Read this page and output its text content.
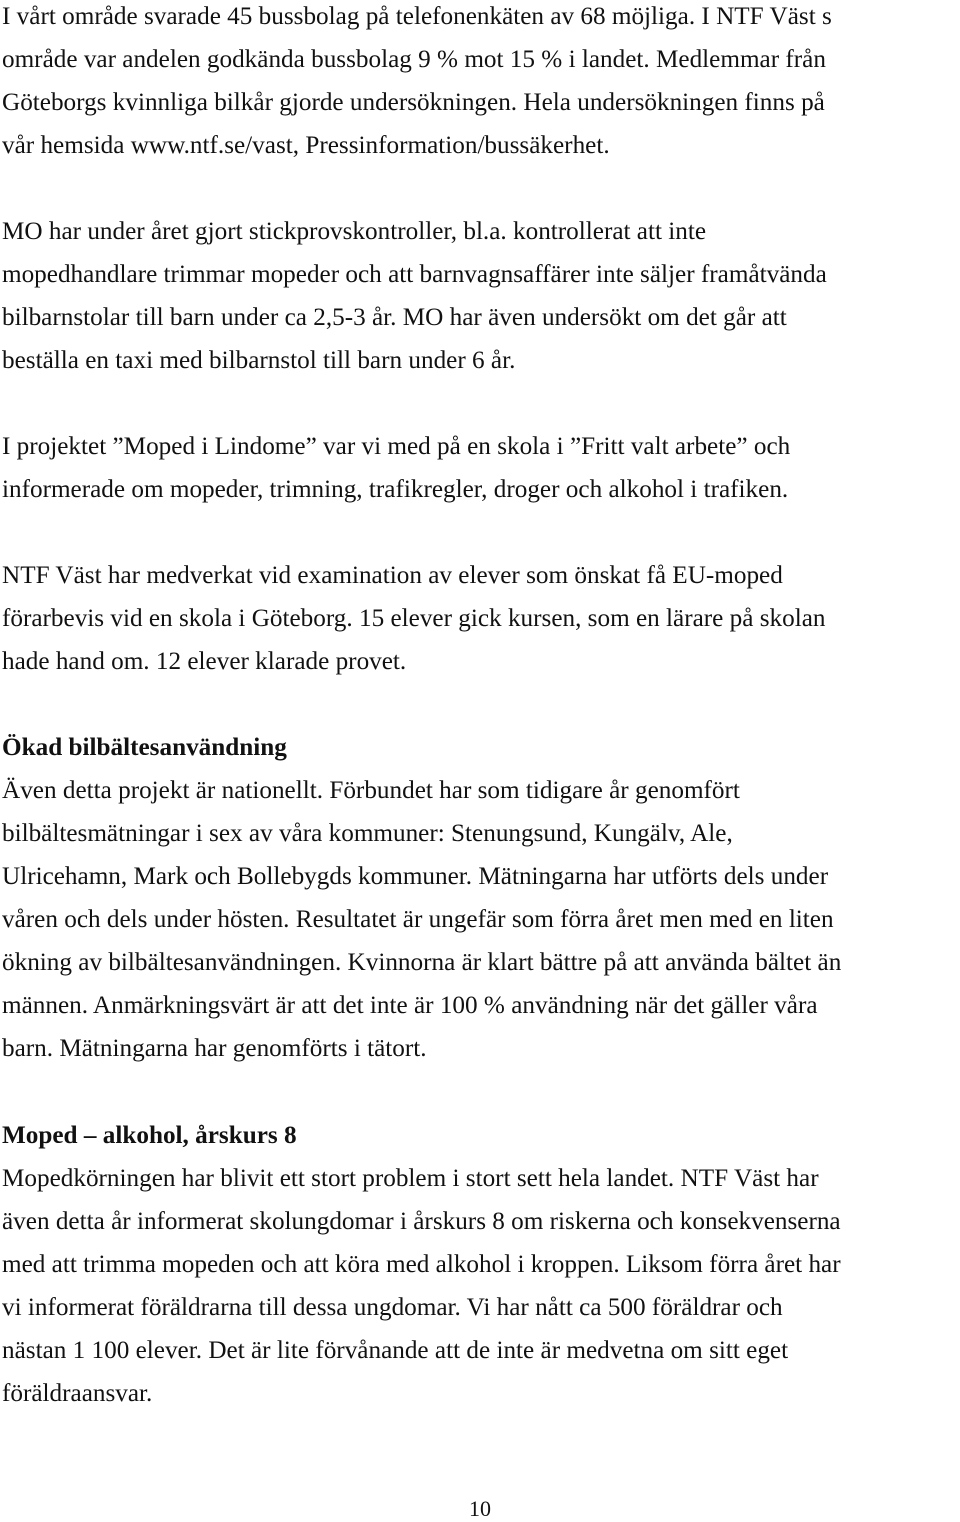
I vårt område svarade 45 bussbolag på telefonenkäten av 68 möjliga. I NTF Väst s
område var andelen godkända bussbolag 9 % mot 15 % i landet. Medlemmar från
Göteborgs kvinnliga bilkår gjorde undersökningen. Hela undersökningen finns på
vår hemsida www.ntf.se/vast, Pressinformation/bussäkerhet.
MO har under året gjort stickprovskontroller, bl.a. kontrollerat att inte
mopedhandlare trimmar mopeder och att barnvagnsaffärer inte säljer framåtvända
bilbarnstolar till barn under ca 2,5-3 år. MO har även undersökt om det går att
beställa en taxi med bilbarnstol till barn under 6 år.
I projektet ”Moped i Lindome” var vi med på en skola i ”Fritt valt arbete” och
informerade om mopeder, trimning, trafikregler, droger och alkohol i trafiken.
NTF Väst har medverkat vid examination av elever som önskat få EU-moped
förarbevis vid en skola i Göteborg. 15 elever gick kursen, som en lärare på skolan
hade hand om. 12 elever klarade provet.
Ökad bilbältesanvändning
Även detta projekt är nationellt. Förbundet har som tidigare år genomfört
bilbältesmätningar i sex av våra kommuner: Stenungsund, Kungälv, Ale,
Ulricehamn, Mark och Bollebygds kommuner. Mätningarna har utförts dels under
våren och dels under hösten. Resultatet är ungefär som förra året men med en liten
ökning av bilbältesanvändningen. Kvinnorna är klart bättre på att använda bältet än
männen. Anmärkningsvärt är att det inte är 100 % användning när det gäller våra
barn. Mätningarna har genomförts i tätort.
Moped – alkohol, årskurs 8
Mopedkörningen har blivit ett stort problem i stort sett hela landet. NTF Väst har
även detta år informerat skolungdomar i årskurs 8 om riskerna och konsekvenserna
med att trimma mopeden och att köra med alkohol i kroppen. Liksom förra året har
vi informerat föräldrarna till dessa ungdomar. Vi har nått ca 500 föräldrar och
nästan 1 100 elever. Det är lite förvånande att de inte är medvetna om sitt eget
föräldraansvar.
10
